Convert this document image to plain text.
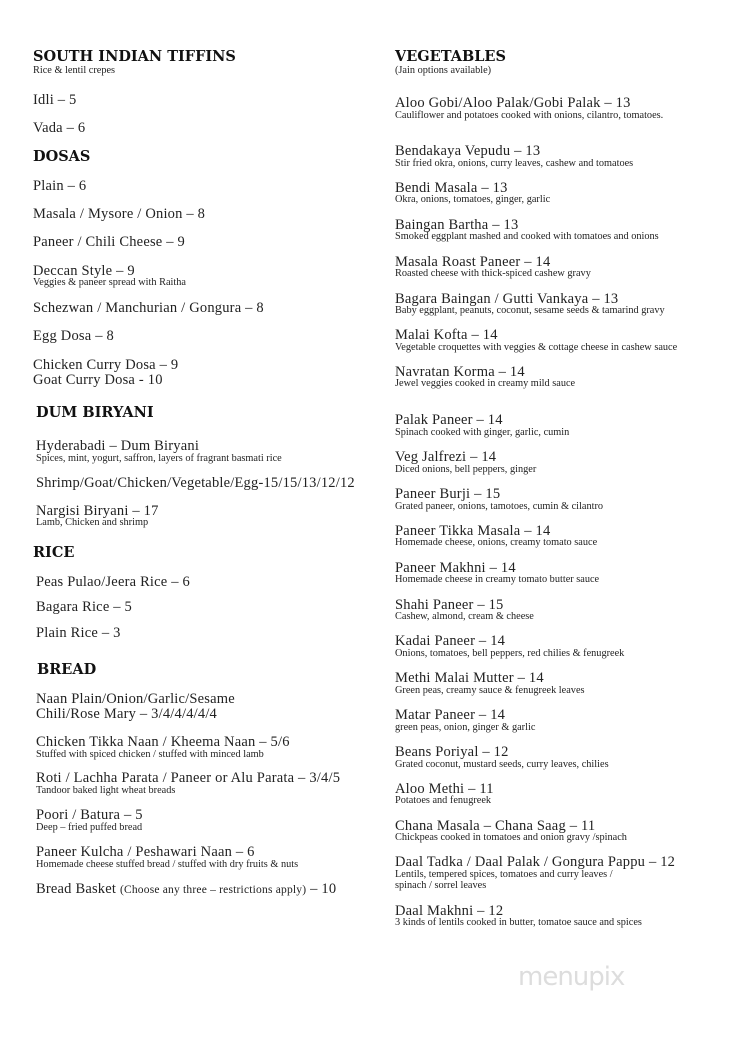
SOUTH INDIAN TIFFINS
Rice & lentil crepes
Idli – 5
Vada – 6
DOSAS
Plain – 6
Masala / Mysore / Onion – 8
Paneer / Chili Cheese – 9
Deccan Style – 9
Veggies & paneer spread with Raitha
Schezwan / Manchurian / Gongura – 8
Egg Dosa – 8
Chicken Curry Dosa – 9
Goat Curry Dosa - 10
DUM BIRYANI
Hyderabadi – Dum Biryani
Spices, mint, yogurt, saffron, layers of fragrant basmati rice
Shrimp/Goat/Chicken/Vegetable/Egg-15/15/13/12/12
Nargisi Biryani – 17
Lamb, Chicken and shrimp
RICE
Peas Pulao/Jeera Rice – 6
Bagara Rice – 5
Plain Rice – 3
BREAD
Naan Plain/Onion/Garlic/Sesame
Chili/Rose Mary – 3/4/4/4/4/4
Chicken Tikka Naan / Kheema Naan – 5/6
Stuffed with spiced chicken / stuffed with minced lamb
Roti / Lachha Parata / Paneer or Alu Parata – 3/4/5
Tandoor baked light wheat breads
Poori / Batura – 5
Deep – fried puffed bread
Paneer Kulcha / Peshawari Naan – 6
Homemade cheese stuffed bread / stuffed with dry fruits & nuts
Bread Basket (Choose any three – restrictions apply) – 10
VEGETABLES
(Jain options available)
Aloo Gobi/Aloo Palak/Gobi Palak – 13
Cauliflower and potatoes cooked with onions, cilantro, tomatoes.
Bendakaya Vepudu – 13
Stir fried okra, onions, curry leaves, cashew and tomatoes
Bendi Masala – 13
Okra, onions, tomatoes, ginger, garlic
Baingan Bartha – 13
Smoked eggplant mashed and cooked with tomatoes and onions
Masala Roast Paneer – 14
Roasted cheese with thick-spiced cashew gravy
Bagara Baingan / Gutti Vankaya – 13
Baby eggplant, peanuts, coconut, sesame seeds & tamarind gravy
Malai Kofta – 14
Vegetable croquettes with veggies & cottage cheese in cashew sauce
Navratan Korma – 14
Jewel veggies cooked in creamy mild sauce
Palak Paneer – 14
Spinach cooked with ginger, garlic, cumin
Veg Jalfrezi – 14
Diced onions, bell peppers, ginger
Paneer Burji – 15
Grated paneer, onions, tamotoes, cumin & cilantro
Paneer Tikka Masala – 14
Homemade cheese, onions, creamy tomato sauce
Paneer Makhni – 14
Homemade cheese in creamy tomato butter sauce
Shahi Paneer – 15
Cashew, almond, cream & cheese
Kadai Paneer – 14
Onions, tomatoes, bell peppers, red chilies & fenugreek
Methi Malai Mutter – 14
Green peas, creamy sauce & fenugreek leaves
Matar Paneer – 14
green peas, onion, ginger & garlic
Beans Poriyal – 12
Grated coconut, mustard seeds, curry leaves, chilies
Aloo Methi – 11
Potatoes and fenugreek
Chana Masala – Chana Saag – 11
Chickpeas cooked in tomatoes and onion gravy /spinach
Daal Tadka / Daal Palak / Gongura Pappu – 12
Lentils, tempered spices, tomatoes and curry leaves /
spinach / sorrel leaves
Daal Makhni – 12
3 kinds of lentils cooked in butter, tomatoe sauce and spices
menupix
